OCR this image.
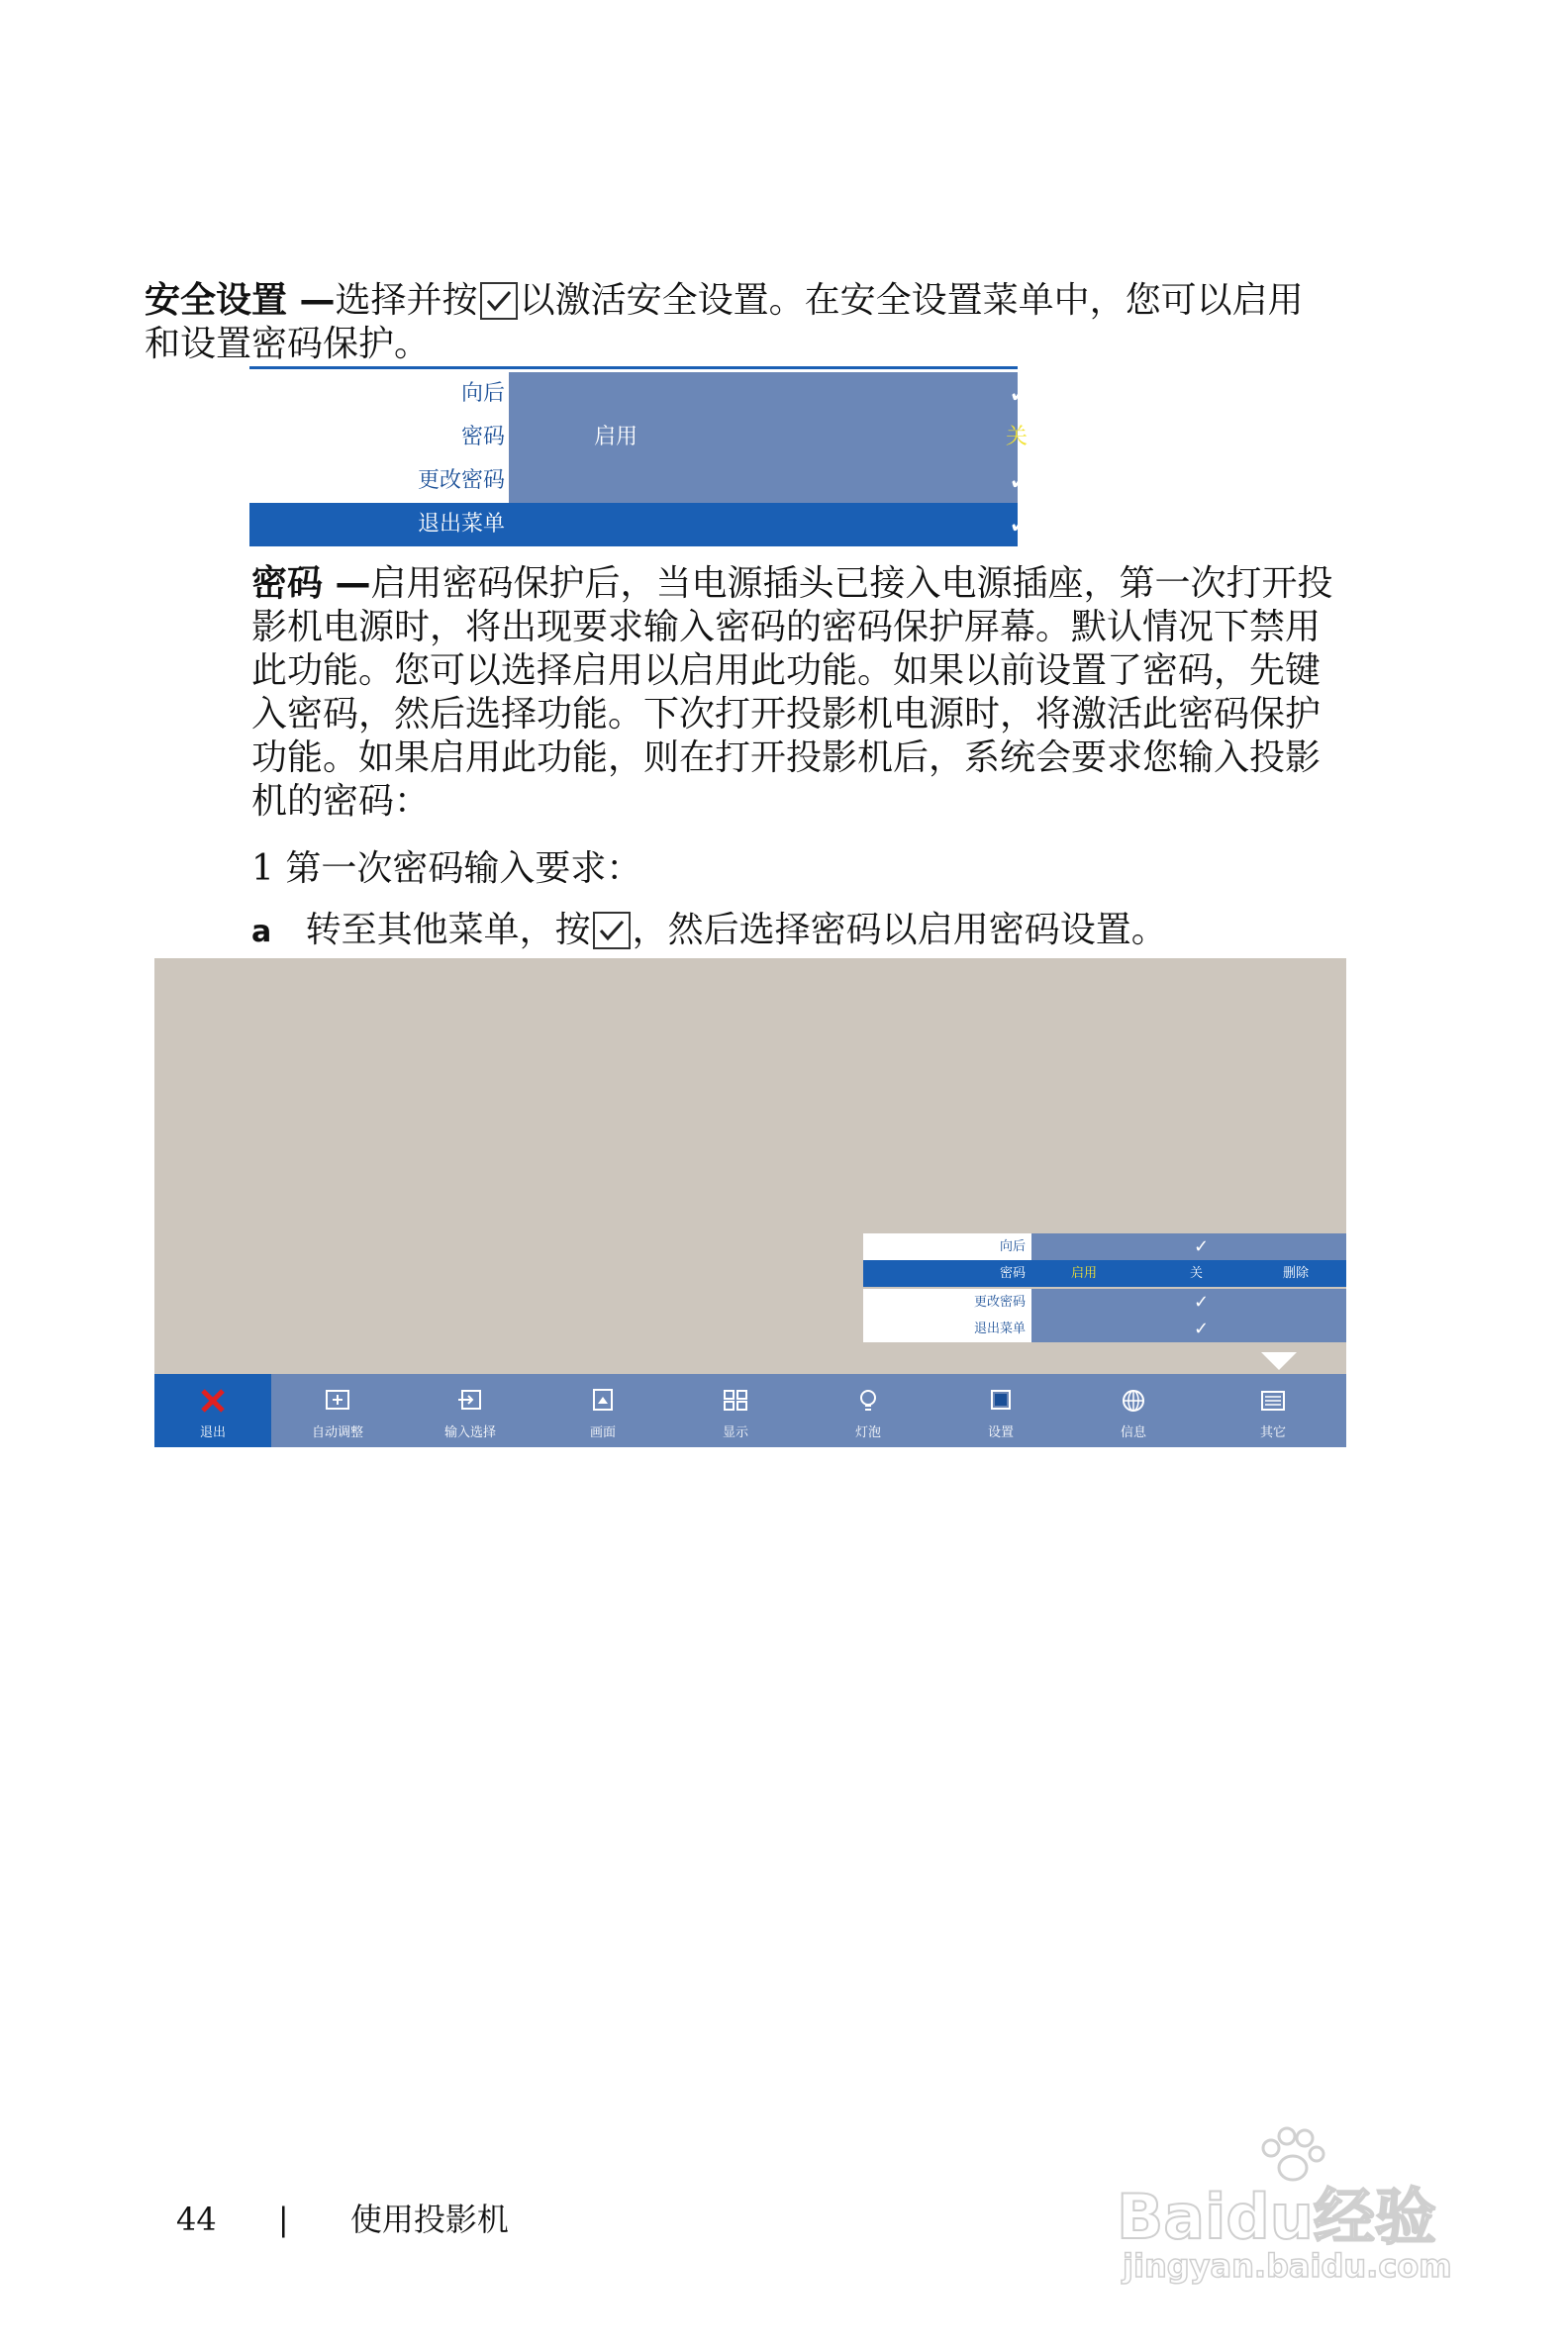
安全设置 —选择并按 以激活安全设置。在安全设置菜单中，您可以启用
和设置密码保护。
向后	✓
密码	启用	关	删除
更改密码	✓
退出菜单	✓
密码 —启用密码保护后，当电源插头已接入电源插座，第一次打开投
影机电源时，将出现要求输入密码的密码保护屏幕。默认情况下禁用
此功能。您可以选择启用以启用此功能。如果以前设置了密码，先键
入密码，然后选择功能。下次打开投影机电源时，将激活此密码保护
功能。如果启用此功能，则在打开投影机后，系统会要求您输入投影
机的密码：
1 第一次密码输入要求：
a 转至其他菜单，按 ，然后选择密码以启用密码设置。
向后	✓
密码	启用	关	删除
更改密码	✓
退出菜单	✓
退出	自动调整	输入选择	画面	显示	灯泡	设置	信息	其它
44 | 使用投影机	Baidu经验
jingyan.baidu.com
